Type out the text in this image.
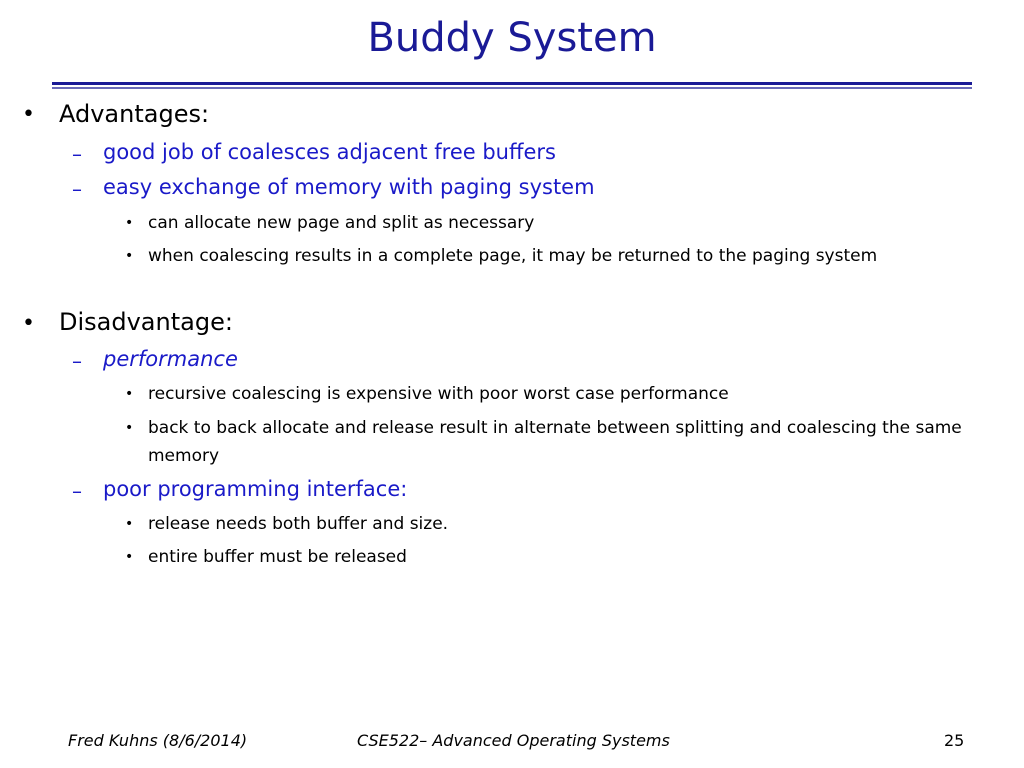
Buddy System
• Advantages:
– good job of coalesces adjacent free buffers
– easy exchange of memory with paging system
• can allocate new page and split as necessary
• when coalescing results in a complete page, it may be returned to the paging system
• Disadvantage:
– performance
• recursive coalescing is expensive with poor worst case performance
• back to back allocate and release result in alternate between splitting and coalescing the same memory
– poor programming interface:
• release needs both buffer and size.
• entire buffer must be released
Fred Kuhns (8/6/2014)	CSE522– Advanced Operating Systems	25
